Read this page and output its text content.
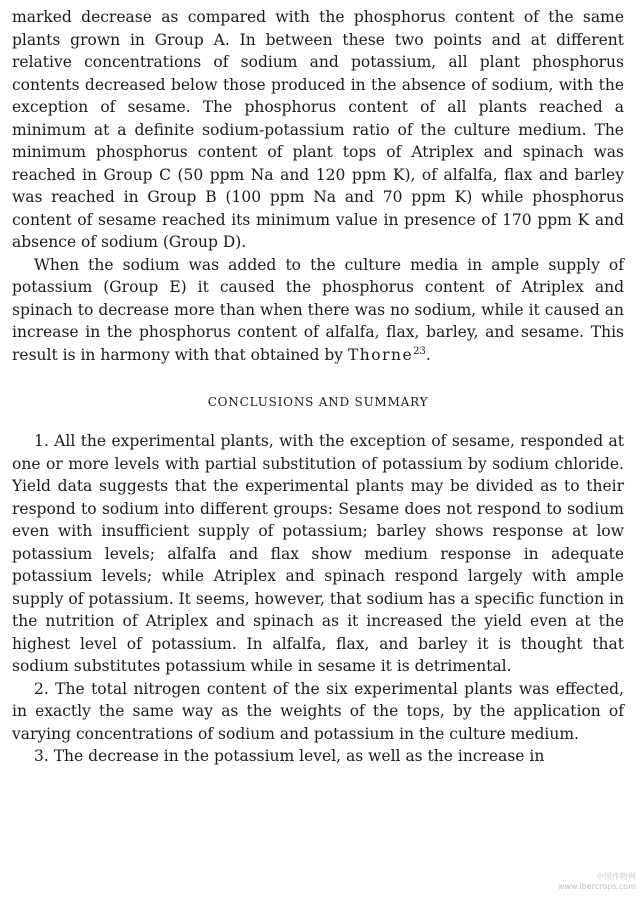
marked decrease as compared with the phosphorus content of the same plants grown in Group A. In between these two points and at different relative concentrations of sodium and potassium, all plant phosphorus contents decreased below those produced in the absence of sodium, with the exception of sesame. The phosphorus content of all plants reached a minimum at a definite sodium-potassium ratio of the culture medium. The minimum phosphorus content of plant tops of Atriplex and spinach was reached in Group C (50 ppm Na and 120 ppm K), of alfalfa, flax and barley was reached in Group B (100 ppm Na and 70 ppm K) while phosphorus content of sesame reached its minimum value in presence of 170 ppm K and absence of sodium (Group D).

When the sodium was added to the culture media in ample supply of potassium (Group E) it caused the phosphorus content of Atriplex and spinach to decrease more than when there was no sodium, while it caused an increase in the phosphorus content of alfalfa, flax, barley, and sesame. This result is in harmony with that obtained by Thorne$^{23}$.

CONCLUSIONS AND SUMMARY

1. All the experimental plants, with the exception of sesame, responded at one or more levels with partial substitution of potassium by sodium chloride. Yield data suggests that the experimental plants may be divided as to their respond to sodium into different groups: Sesame does not respond to sodium even with insufficient supply of potassium; barley shows response at low potassium levels; alfalfa and flax show medium response in adequate potassium levels; while Atriplex and spinach respond largely with ample supply of potassium. It seems, however, that sodium has a specific function in the nutrition of Atriplex and spinach as it increased the yield even at the highest level of potassium. In alfalfa, flax, and barley it is thought that sodium substitutes potassium while in sesame it is detrimental.

2. The total nitrogen content of the six experimental plants was effected, in exactly the same way as the weights of the tops, by the application of varying concentrations of sodium and potassium in the culture medium.

3. The decrease in the potassium level, as well as the increase in

中国作物网
www.ibercrops.com
